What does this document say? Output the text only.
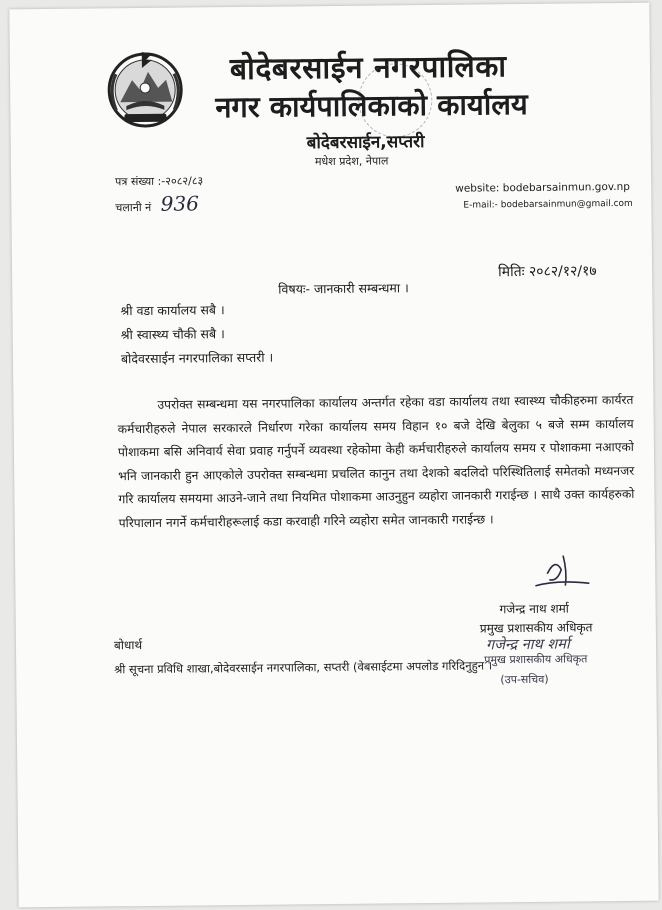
बोदेबरसाईन नगरपालिका
नगर कार्यपालिकाको कार्यालय
बोदेबरसाईन,सप्तरी
मधेश प्रदेश, नेपाल
पत्र संख्या :-२०८२/८३
चलानी नं 936
website: bodebarsainmun.gov.np
E-mail:- bodebarsainmun@gmail.com
मितिः २०८२/१२/१७
विषयः- जानकारी सम्बन्धमा ।
श्री वडा कार्यालय सबै ।
श्री स्वास्थ्य चौकी सबै ।
बोदेवरसाईन नगरपालिका सप्तरी ।
उपरोक्त सम्बन्धमा यस नगरपालिका कार्यालय अन्तर्गत रहेका वडा कार्यालय तथा स्वास्थ्य चौकीहरुमा कार्यरत कर्मचारीहरुले नेपाल सरकारले निर्धारण गरेका कार्यालय समय विहान १० बजे देखि बेलुका ५ बजे सम्म कार्यालय पोशाकमा बसि अनिवार्य सेवा प्रवाह गर्नुपर्ने व्यवस्था रहेकोमा केही कर्मचारीहरुले कार्यालय समय र पोशाकमा नआएको भनि जानकारी हुन आएकोले उपरोक्त सम्बन्धमा प्रचलित कानुन तथा देशको बदलिदो परिस्थितिलाई समेतको मध्यनजर गरि कार्यालय समयमा आउने-जाने तथा नियमित पोशाकमा आउनुहुन व्यहोरा जानकारी गराईन्छ । साथै उक्त कार्यहरुको परिपालान नगर्ने कर्मचारीहरूलाई कडा करवाही गरिने व्यहोरा समेत जानकारी गराईन्छ ।
गजेन्द्र नाथ शर्मा
प्रमुख प्रशासकीय अधिकृत
गजेन्द्र नाथ शर्मा
प्रमुख प्रशासकीय अधिकृत
(उप-सचिव)
बोधार्थ
श्री सूचना प्रविधि शाखा,बोदेवरसाईन नगरपालिका, सप्तरी (वेबसाईटमा अपलोड गरिदिनुहुन ।
